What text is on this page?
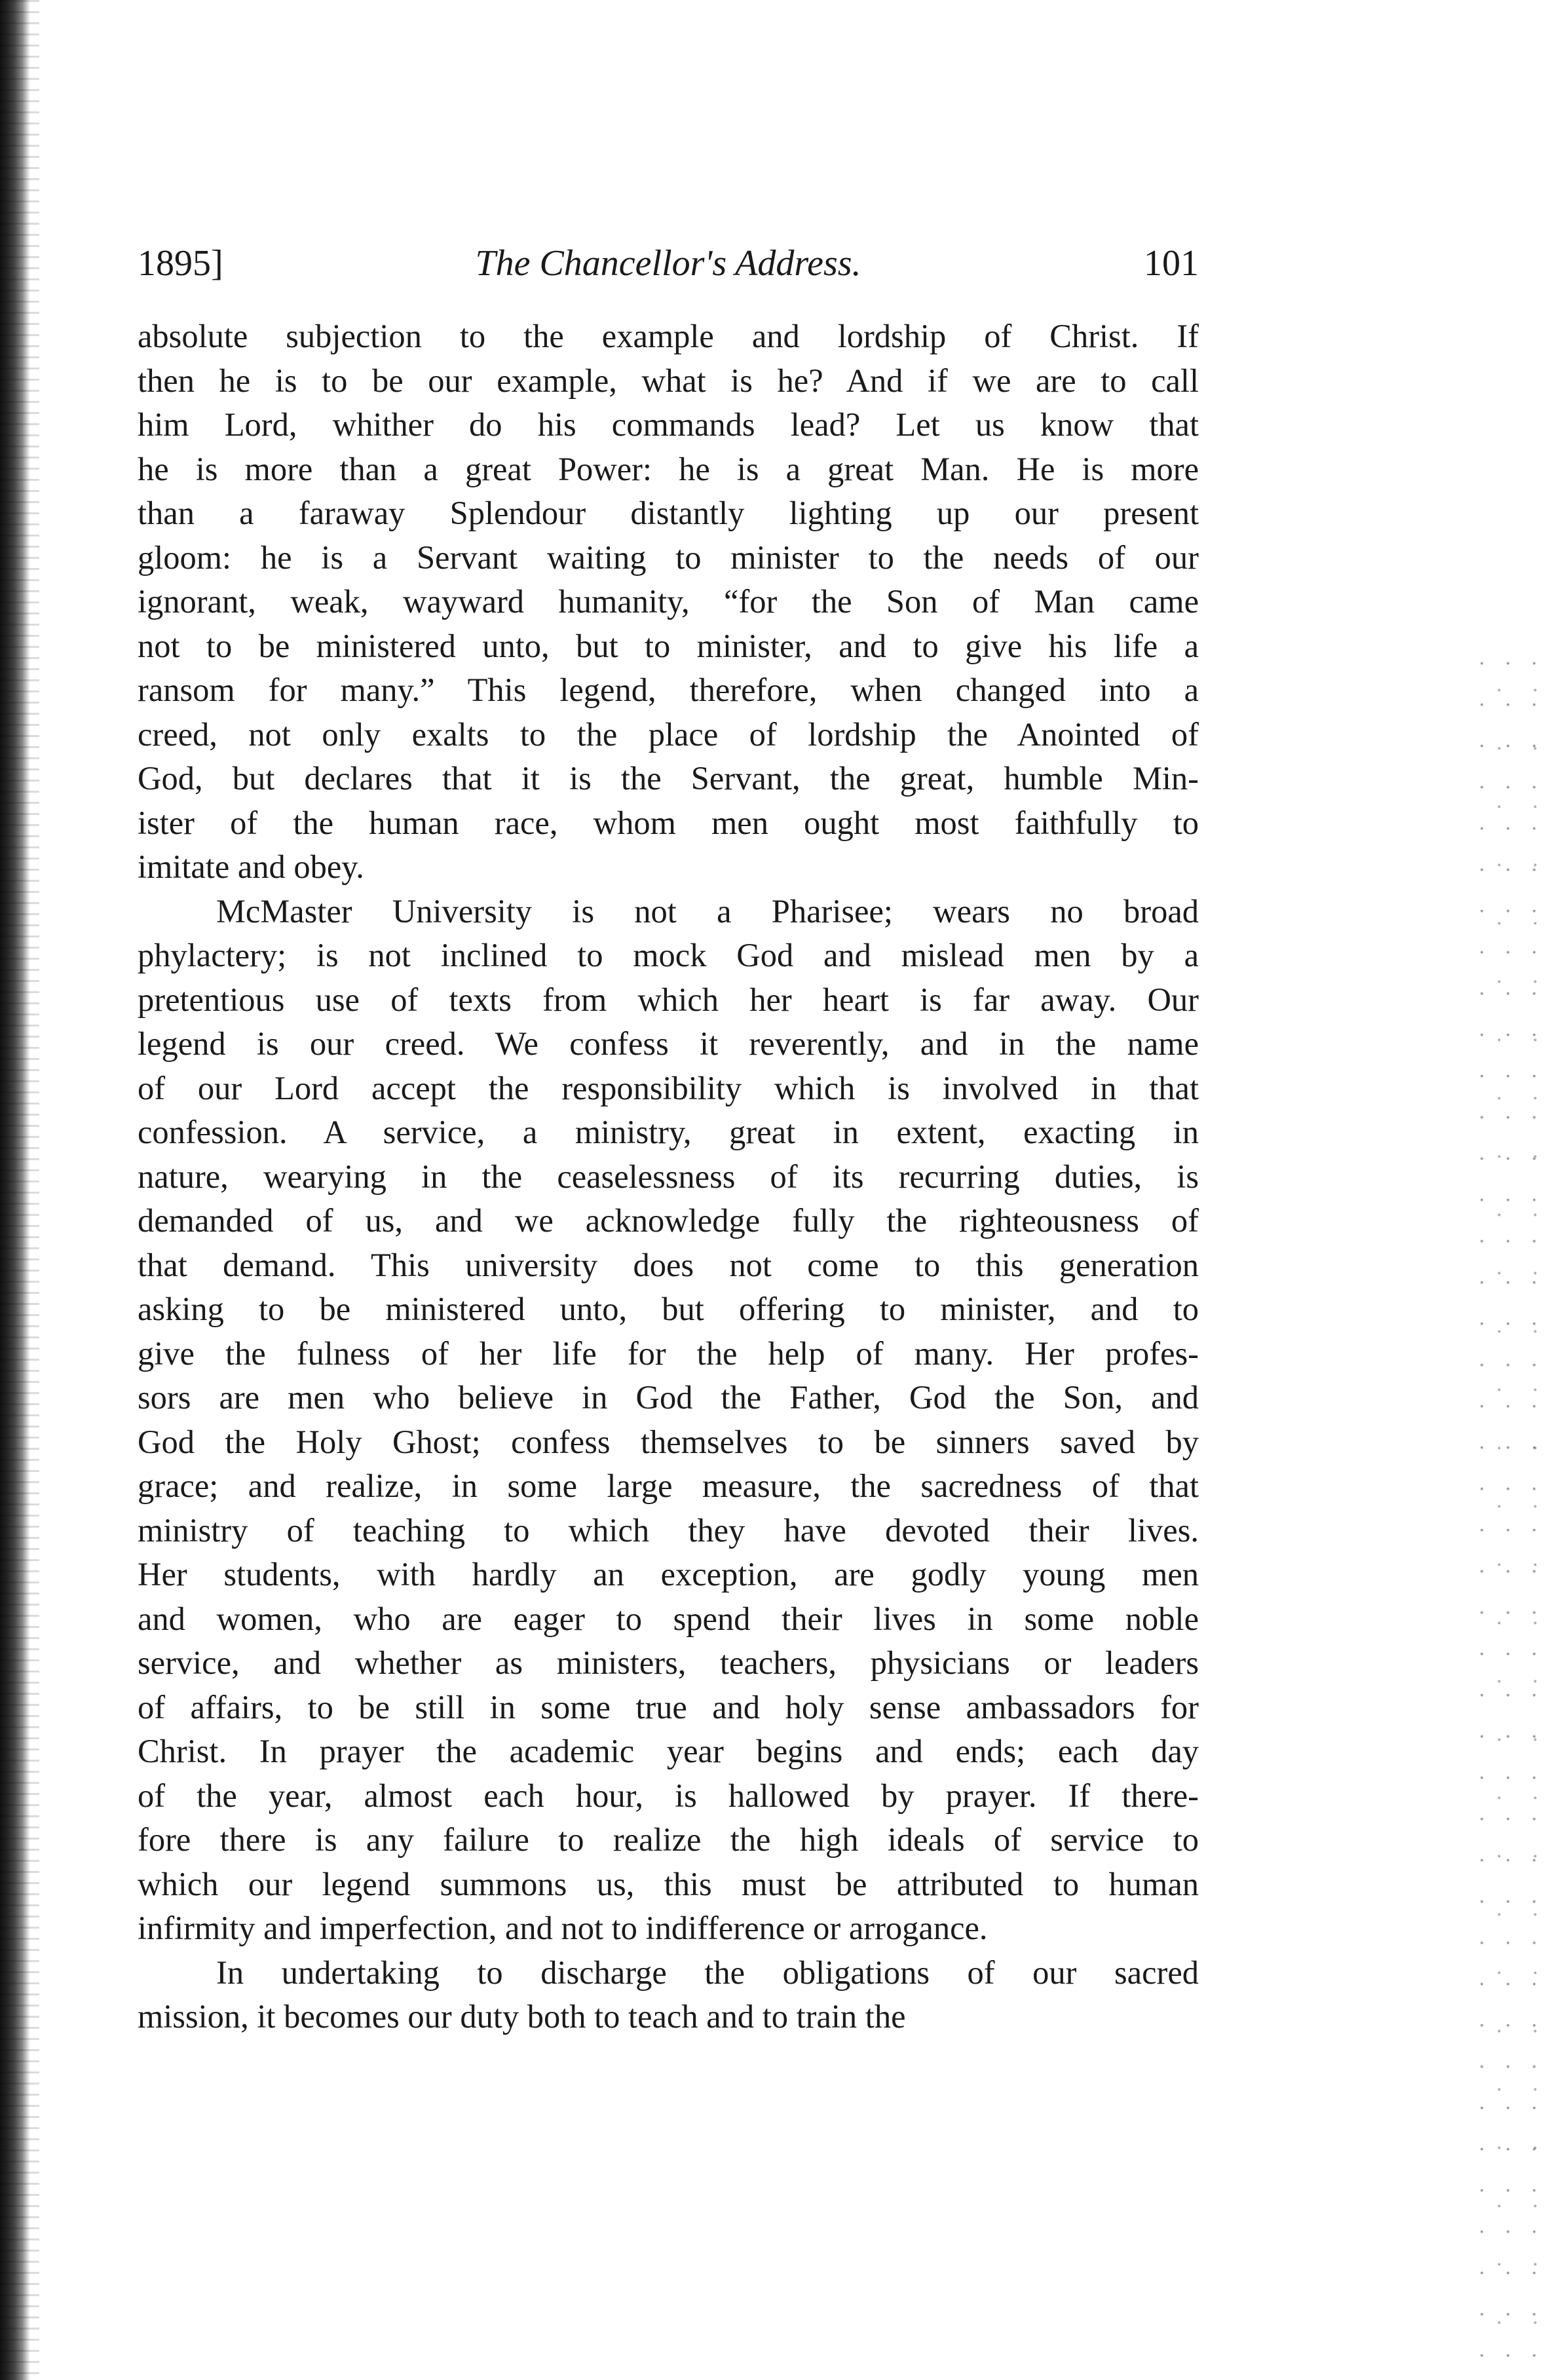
1895]	The Chancellor's Address.	101
absolute subjection to the example and lordship of Christ. If
then he is to be our example, what is he? And if we are to call
him Lord, whither do his commands lead? Let us know that
he is more than a great Power: he is a great Man. He is more
than a faraway Splendour distantly lighting up our present
gloom: he is a Servant waiting to minister to the needs of our
ignorant, weak, wayward humanity, “for the Son of Man came
not to be ministered unto, but to minister, and to give his life a
ransom for many.” This legend, therefore, when changed into a
creed, not only exalts to the place of lordship the Anointed of
God, but declares that it is the Servant, the great, humble Min-
ister of the human race, whom men ought most faithfully to
imitate and obey.
McMaster University is not a Pharisee; wears no broad
phylactery; is not inclined to mock God and mislead men by a
pretentious use of texts from which her heart is far away. Our
legend is our creed. We confess it reverently, and in the name
of our Lord accept the responsibility which is involved in that
confession. A service, a ministry, great in extent, exacting in
nature, wearying in the ceaselessness of its recurring duties, is
demanded of us, and we acknowledge fully the righteousness of
that demand. This university does not come to this generation
asking to be ministered unto, but offering to minister, and to
give the fulness of her life for the help of many. Her profes-
sors are men who believe in God the Father, God the Son, and
God the Holy Ghost; confess themselves to be sinners saved by
grace; and realize, in some large measure, the sacredness of that
ministry of teaching to which they have devoted their lives.
Her students, with hardly an exception, are godly young men
and women, who are eager to spend their lives in some noble
service, and whether as ministers, teachers, physicians or leaders
of affairs, to be still in some true and holy sense ambassadors for
Christ. In prayer the academic year begins and ends; each day
of the year, almost each hour, is hallowed by prayer. If there-
fore there is any failure to realize the high ideals of service to
which our legend summons us, this must be attributed to human
infirmity and imperfection, and not to indifference or arrogance.
In undertaking to discharge the obligations of our sacred
mission, it becomes our duty both to teach and to train the
